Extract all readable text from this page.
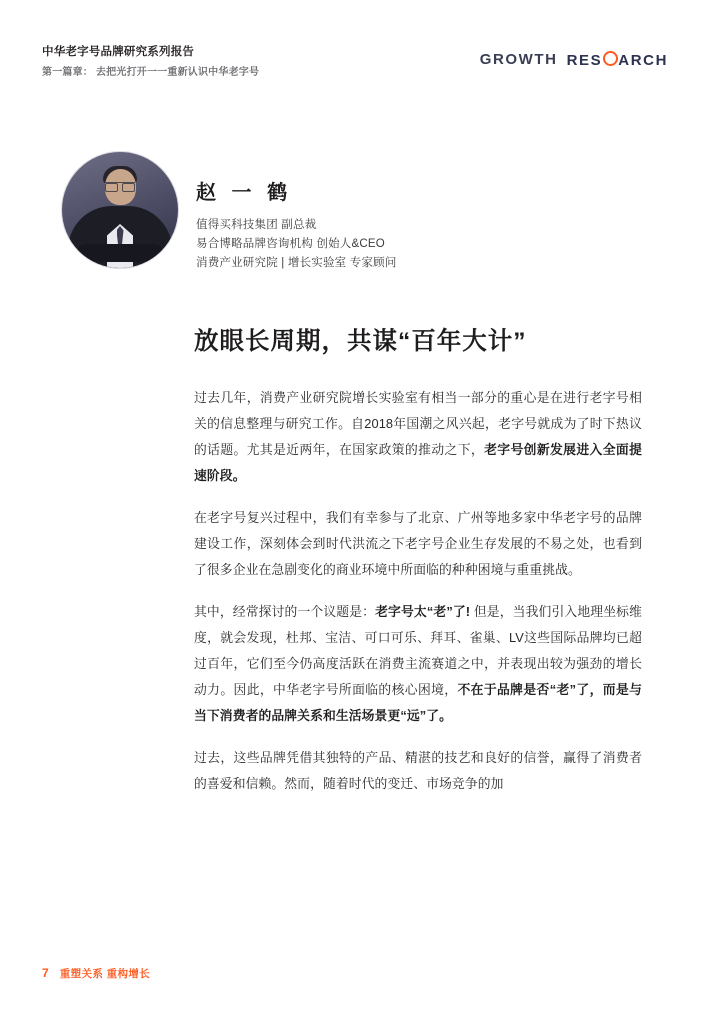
中华老字号品牌研究系列报告
第一篇章： 去把光打开一一重新认识中华老字号
GROWTH RES ARCH
赵 一 鹤
值得买科技集团 副总裁
易合博略品牌咨询机构 创始人&CEO
消费产业研究院 | 增长实验室 专家顾问
放眼长周期，共谋“百年大计”

过去几年，消费产业研究院增长实验室有相当一部分的重心是在进行老字号相关的信息整理与研究工作。自2018年国潮之风兴起，老字号就成为了时下热议的话题。尤其是近两年，在国家政策的推动之下，老字号创新发展进入全面提速阶段。

在老字号复兴过程中，我们有幸参与了北京、广州等地多家中华老字号的品牌建设工作，深刻体会到时代洪流之下老字号企业生存发展的不易之处，也看到了很多企业在急剧变化的商业环境中所面临的种种困境与重重挑战。

其中，经常探讨的一个议题是：老字号太“老”了! 但是，当我们引入地理坐标维度，就会发现，杜邦、宝洁、可口可乐、拜耳、雀巢、LV这些国际品牌均已超过百年，它们至今仍高度活跃在消费主流赛道之中，并表现出较为强劲的增长动力。因此，中华老字号所面临的核心困境，不在于品牌是否“老”了，而是与当下消费者的品牌关系和生活场景更“远”了。

过去，这些品牌凭借其独特的产品、精湛的技艺和良好的信誉，赢得了消费者的喜爱和信赖。然而，随着时代的变迁、市场竞争的加

7 重塑关系 重构增长
